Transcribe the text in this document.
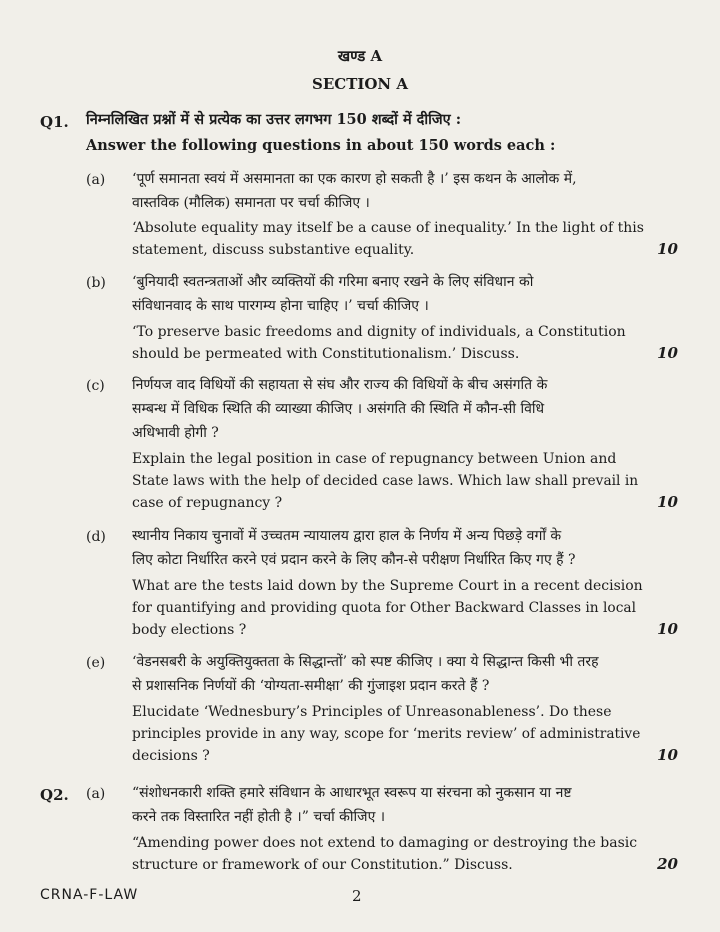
खण्ड A
SECTION A
Q1. निम्नलिखित प्रश्नों में से प्रत्येक का उत्तर लगभग 150 शब्दों में दीजिए :
Answer the following questions in about 150 words each :
(a) ‘पूर्ण समानता स्वयं में असमानता का एक कारण हो सकती है ।’ इस कथन के आलोक में,
वास्तविक (मौलिक) समानता पर चर्चा कीजिए ।
‘Absolute equality may itself be a cause of inequality.’ In the light of this
statement, discuss substantive equality.	10
(b) ‘बुनियादी स्वतन्त्रताओं और व्यक्तियों की गरिमा बनाए रखने के लिए संविधान को
संविधानवाद के साथ पारगम्य होना चाहिए ।’ चर्चा कीजिए ।
‘To preserve basic freedoms and dignity of individuals, a Constitution
should be permeated with Constitutionalism.’ Discuss.	10
(c) निर्णयज वाद विधियों की सहायता से संघ और राज्य की विधियों के बीच असंगति के
सम्बन्ध में विधिक स्थिति की व्याख्या कीजिए । असंगति की स्थिति में कौन-सी विधि
अधिभावी होगी ?
Explain the legal position in case of repugnancy between Union and
State laws with the help of decided case laws. Which law shall prevail in
case of repugnancy ?	10
(d) स्थानीय निकाय चुनावों में उच्चतम न्यायालय द्वारा हाल के निर्णय में अन्य पिछड़े वर्गों के
लिए कोटा निर्धारित करने एवं प्रदान करने के लिए कौन-से परीक्षण निर्धारित किए गए हैं ?
What are the tests laid down by the Supreme Court in a recent decision
for quantifying and providing quota for Other Backward Classes in local
body elections ?	10
(e) ‘वेडनसबरी के अयुक्तियुक्तता के सिद्धान्तों’ को स्पष्ट कीजिए । क्या ये सिद्धान्त किसी भी तरह
से प्रशासनिक निर्णयों की ‘योग्यता-समीक्षा’ की गुंजाइश प्रदान करते हैं ?
Elucidate ‘Wednesbury’s Principles of Unreasonableness’. Do these
principles provide in any way, scope for ‘merits review’ of administrative
decisions ?	10
Q2. (a) “संशोधनकारी शक्ति हमारे संविधान के आधारभूत स्वरूप या संरचना को नुकसान या नष्ट
करने तक विस्तारित नहीं होती है ।” चर्चा कीजिए ।
“Amending power does not extend to damaging or destroying the basic
structure or framework of our Constitution.” Discuss.	20
CRNA-F-LAW	2
